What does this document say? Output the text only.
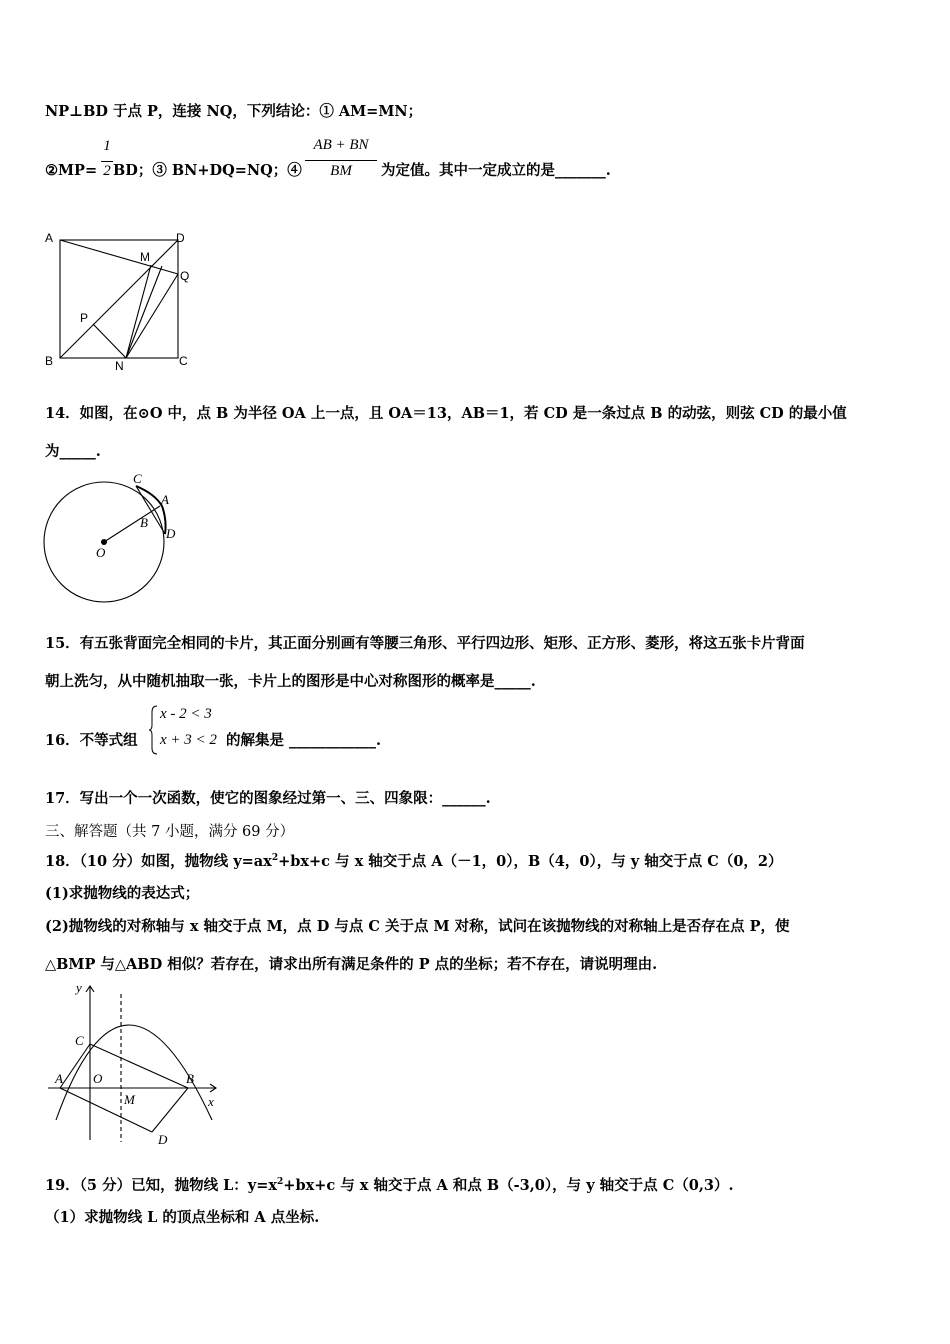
NP⊥BD 于点 P，连接 NQ，下列结论：① AM=MN；
②MP=
1
2 BD；③ BN+DQ=NQ；④
AB + BN
BM	为定值。其中一定成立的是_______.
A	D
M
Q
P
B	N	C
14．如图，在⊙O 中，点 B 为半径 OA 上一点，且 OA＝13，AB＝1，若 CD 是一条过点 B 的动弦，则弦 CD 的最小值
为_____.
C
A
B
D
O
15．有五张背面完全相同的卡片，其正面分别画有等腰三角形、平行四边形、矩形、正方形、菱形，将这五张卡片背面
朝上洗匀，从中随机抽取一张，卡片上的图形是中心对称图形的概率是_____.
16．不等式组
x - 2 < 3
x + 3 < 2 的解集是 ____________.
17．写出一个一次函数，使它的图象经过第一、三、四象限：______.
三、解答题（共 7 小题，满分 69 分）
18．（10 分）如图，抛物线 $y=ax^2+bx+c$ 与 x 轴交于点 A（－1，0），B（4，0），与 y 轴交于点 C（0，2）
(1)求抛物线的表达式；
(2)抛物线的对称轴与 x 轴交于点 M，点 D 与点 C 关于点 M 对称，试问在该抛物线的对称轴上是否存在点 P，使
△BMP 与△ABD 相似？若存在，请求出所有满足条件的 P 点的坐标；若不存在，请说明理由.
y
C
A O	B
x
M
D
19．（5 分）已知，抛物线 L：$y=x^2+bx+c$ 与 x 轴交于点 A 和点 B（-3,0），与 y 轴交于点 C（0,3）.
（1）求抛物线 L 的顶点坐标和 A 点坐标.
